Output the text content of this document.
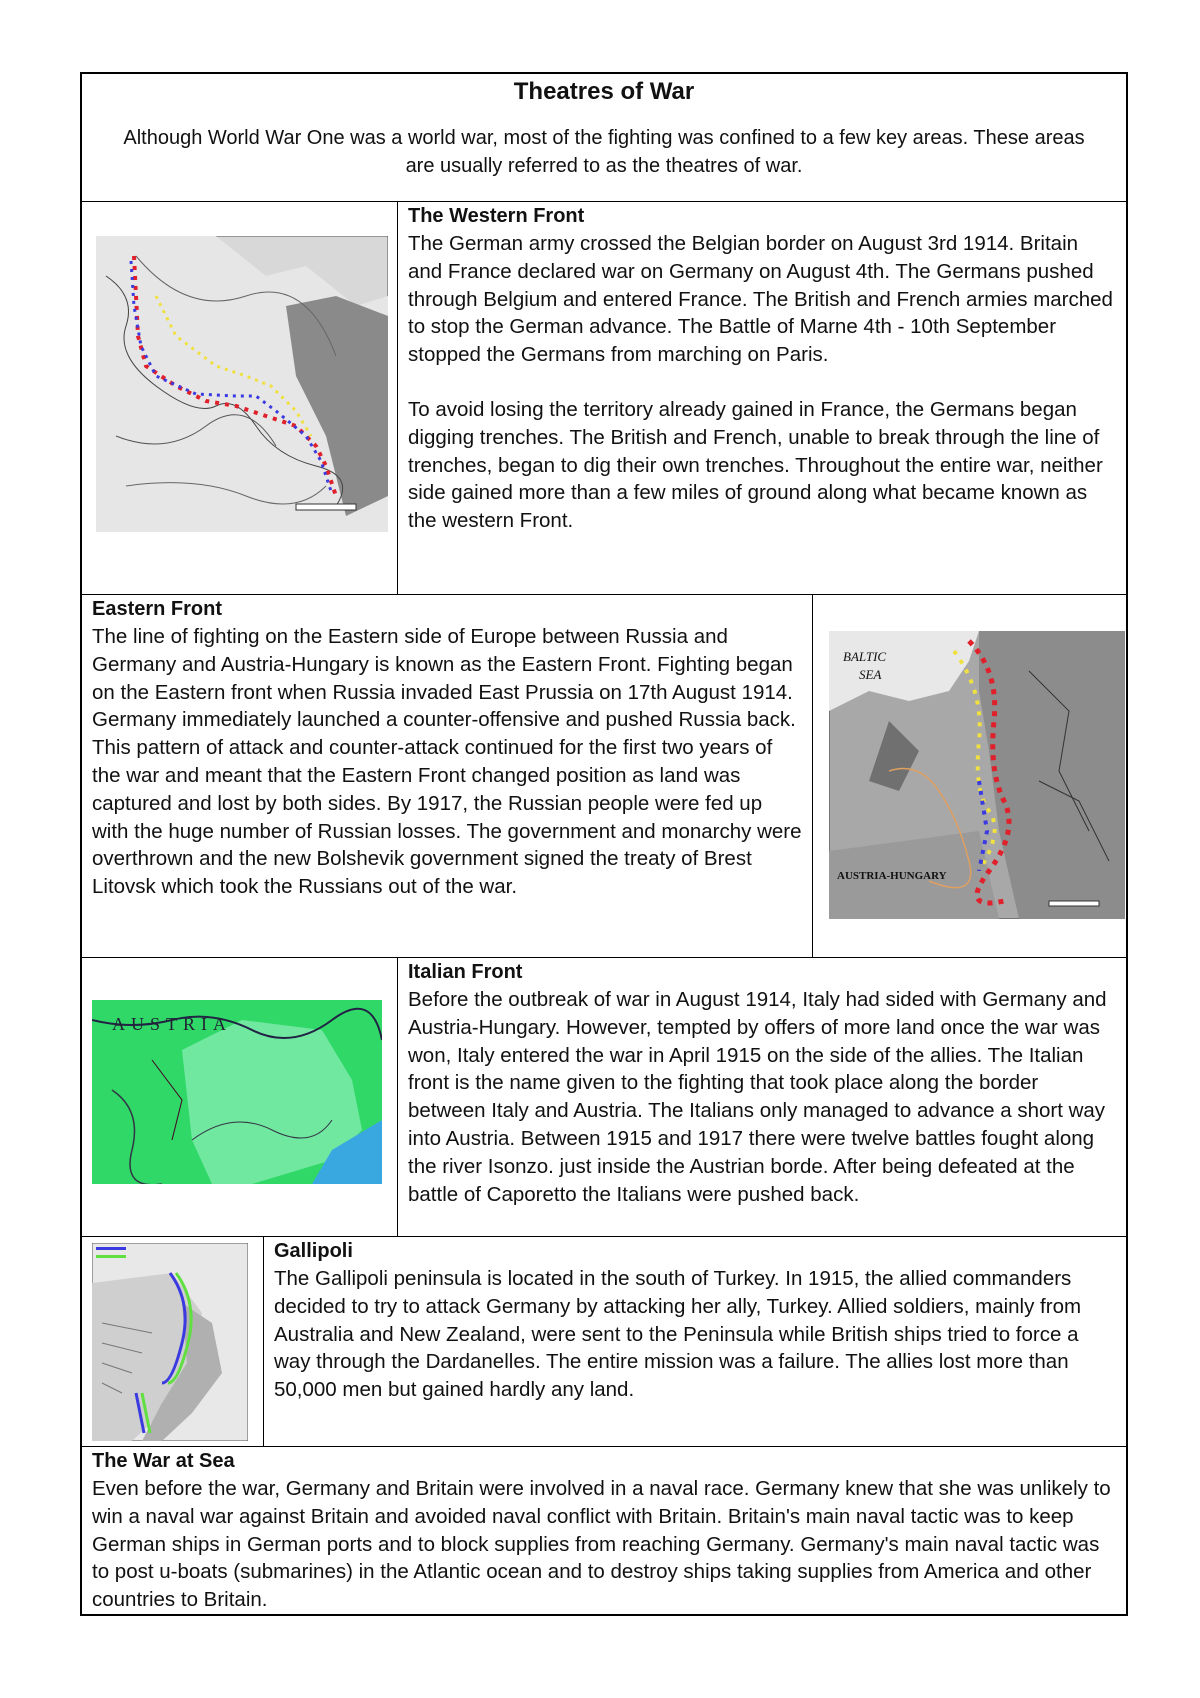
Theatres of War

Although World War One was a world war, most of the fighting was confined to a few key areas. These areas are usually referred to as the theatres of war.

The Western Front

The German army crossed the Belgian border on August 3rd 1914. Britain and France declared war on Germany on August 4th. The Germans pushed through Belgium and entered France. The British and French armies marched to stop the German advance. The Battle of Marne 4th - 10th September stopped the Germans from marching on Paris.

To avoid losing the territory already gained in France, the Germans began digging trenches. The British and French, unable to break through the line of trenches, began to dig their own trenches. Throughout the entire war, neither side gained more than a few miles of ground along what became known as the western Front.

Eastern Front
The line of fighting on the Eastern side of Europe between Russia and Germany and Austria-Hungary is known as the Eastern Front. Fighting began on the Eastern front when Russia invaded East Prussia on 17th August 1914. Germany immediately launched a counter-offensive and pushed Russia back. This pattern of attack and counter-attack continued for the first two years of the war and meant that the Eastern Front changed position as land was captured and lost by both sides. By 1917, the Russian people were fed up with the huge number of Russian losses. The government and monarchy were overthrown and the new Bolshevik government signed the treaty of Brest Litovsk which took the Russians out of the war.
BALTIC
SEA
AUSTRIA-HUNGARY
AUSTRIA
Italian Front
Before the outbreak of war in August 1914, Italy had sided with Germany and Austria-Hungary. However, tempted by offers of more land once the war was won, Italy entered the war in April 1915 on the side of the allies. The Italian front is the name given to the fighting that took place along the border between Italy and Austria. The Italians only managed to advance a short way into Austria. Between 1915 and 1917 there were twelve battles fought along the river Isonzo. just inside the Austrian borde. After being defeated at the battle of Caporetto the Italians were pushed back.
Gallipoli
The Gallipoli peninsula is located in the south of Turkey. In 1915, the allied commanders decided to try to attack Germany by attacking her ally, Turkey. Allied soldiers, mainly from Australia and New Zealand, were sent to the Peninsula while British ships tried to force a way through the Dardanelles. The entire mission was a failure. The allies lost more than 50,000 men but gained hardly any land.
The War at Sea
Even before the war, Germany and Britain were involved in a naval race. Germany knew that she was unlikely to win a naval war against Britain and avoided naval conflict with Britain. Britain's main naval tactic was to keep German ships in German ports and to block supplies from reaching Germany. Germany's main naval tactic was to post u-boats (submarines) in the Atlantic ocean and to destroy ships taking supplies from America and other countries to Britain.
